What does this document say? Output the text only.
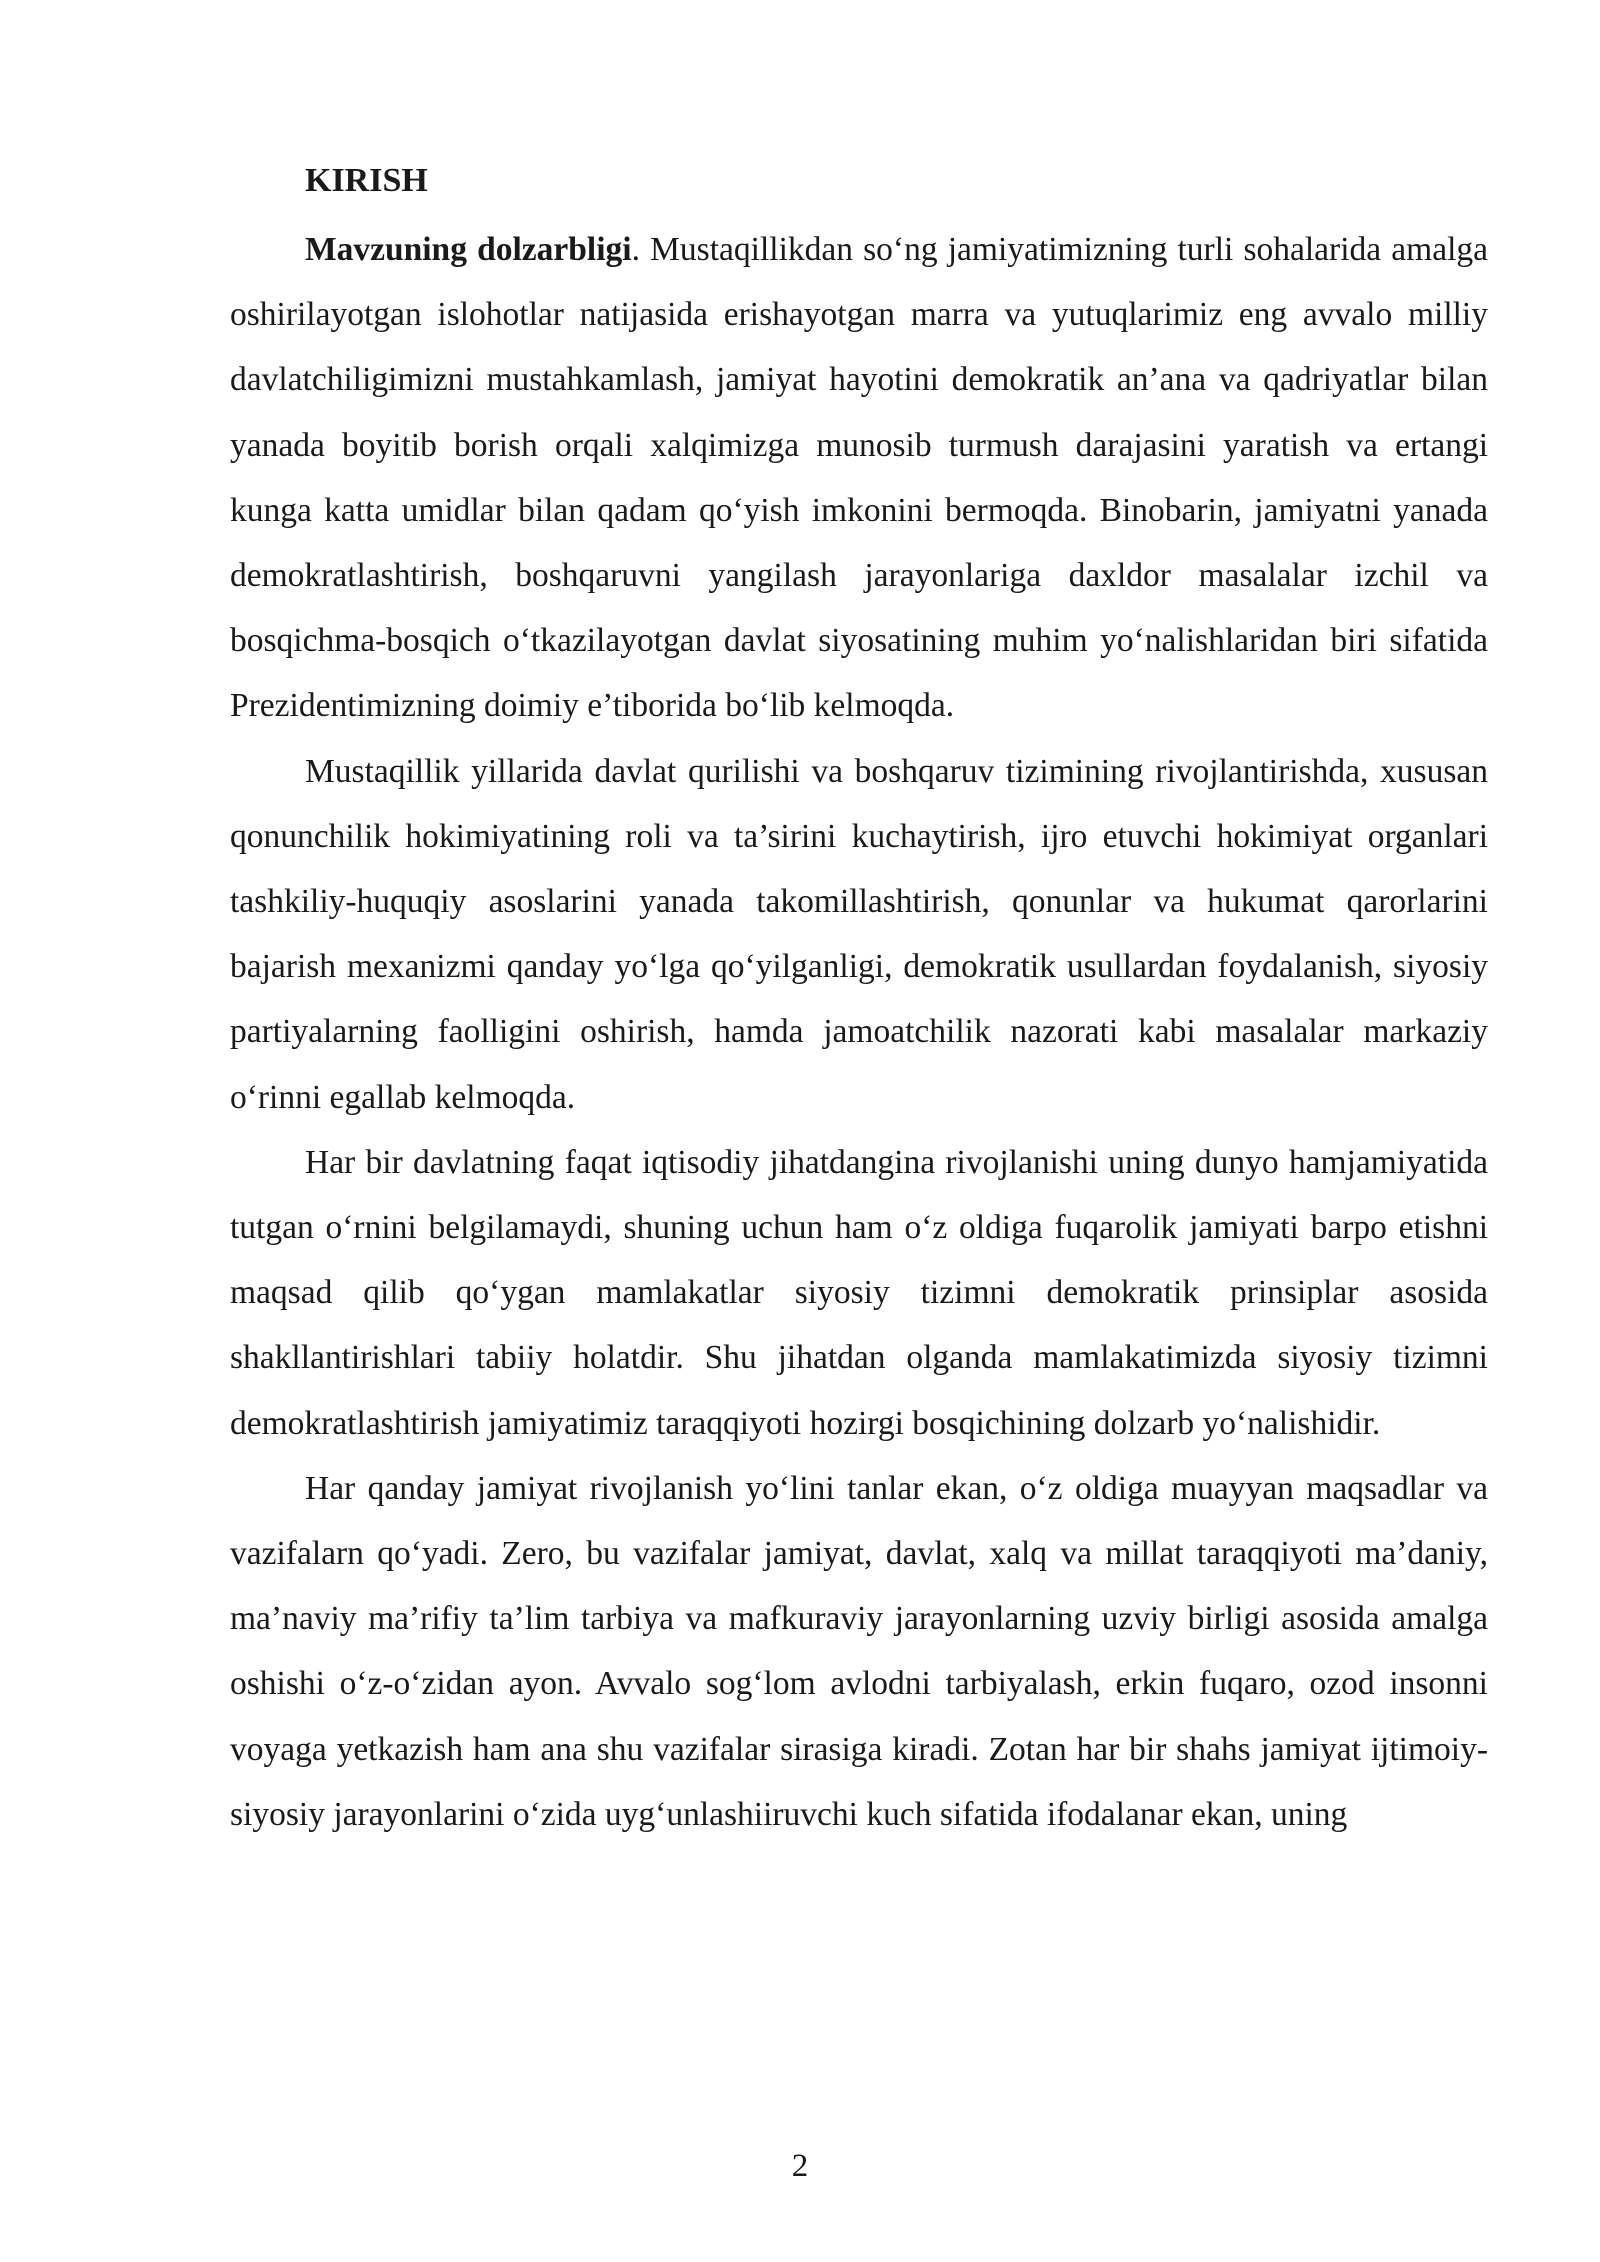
KIRISH

Mavzuning dolzarbligi. Mustaqillikdan so‘ng jamiyatimizning turli sohalarida amalga oshirilayotgan islohotlar natijasida erishayotgan marra va yutuqlarimiz eng avvalo milliy davlatchiligimizni mustahkamlash, jamiyat hayotini demokratik an’ana va qadriyatlar bilan yanada boyitib borish orqali xalqimizga munosib turmush darajasini yaratish va ertangi kunga katta umidlar bilan qadam qo‘yish imkonini bermoqda. Binobarin, jamiyatni yanada demokratlashtirish, boshqaruvni yangilash jarayonlariga daxldor masalalar izchil va bosqichma-bosqich o‘tkazilayotgan davlat siyosatining muhim yo‘nalishlaridan biri sifatida Prezidentimizning doimiy e’tiborida bo‘lib kelmoqda.

Mustaqillik yillarida davlat qurilishi va boshqaruv tizimining rivojlantirishda, xususan qonunchilik hokimiyatining roli va ta’sirini kuchaytirish, ijro etuvchi hokimiyat organlari tashkiliy-huquqiy asoslarini yanada takomillashtirish, qonunlar va hukumat qarorlarini bajarish mexanizmi qanday yo‘lga qo‘yilganligi, demokratik usullardan foydalanish, siyosiy partiyalarning faolligini oshirish, hamda jamoatchilik nazorati kabi masalalar markaziy o‘rinni egallab kelmoqda.

Har bir davlatning faqat iqtisodiy jihatdangina rivojlanishi uning dunyo hamjamiyatida tutgan o‘rnini belgilamaydi, shuning uchun ham o‘z oldiga fuqarolik jamiyati barpo etishni maqsad qilib qo‘ygan mamlakatlar siyosiy tizimni demokratik prinsiplar asosida shakllantirishlari tabiiy holatdir. Shu jihatdan olganda mamlakatimizda siyosiy tizimni demokratlashtirish jamiyatimiz taraqqiyoti hozirgi bosqichining dolzarb yo‘nalishidir.

Har qanday jamiyat rivojlanish yo‘lini tanlar ekan, o‘z oldiga muayyan maqsadlar va vazifalarn qo‘yadi. Zero, bu vazifalar jamiyat, davlat, xalq va millat taraqqiyoti ma’daniy, ma’naviy ma’rifiy ta’lim tarbiya va mafkuraviy jarayonlarning uzviy birligi asosida amalga oshishi o‘z-o‘zidan ayon. Avvalo sog‘lom avlodni tarbiyalash, erkin fuqaro, ozod insonni voyaga yetkazish ham ana shu vazifalar sirasiga kiradi. Zotan har bir shahs jamiyat ijtimoiy-siyosiy jarayonlarini o‘zida uyg‘unlashiiruvchi kuch sifatida ifodalanar ekan, uning

2
